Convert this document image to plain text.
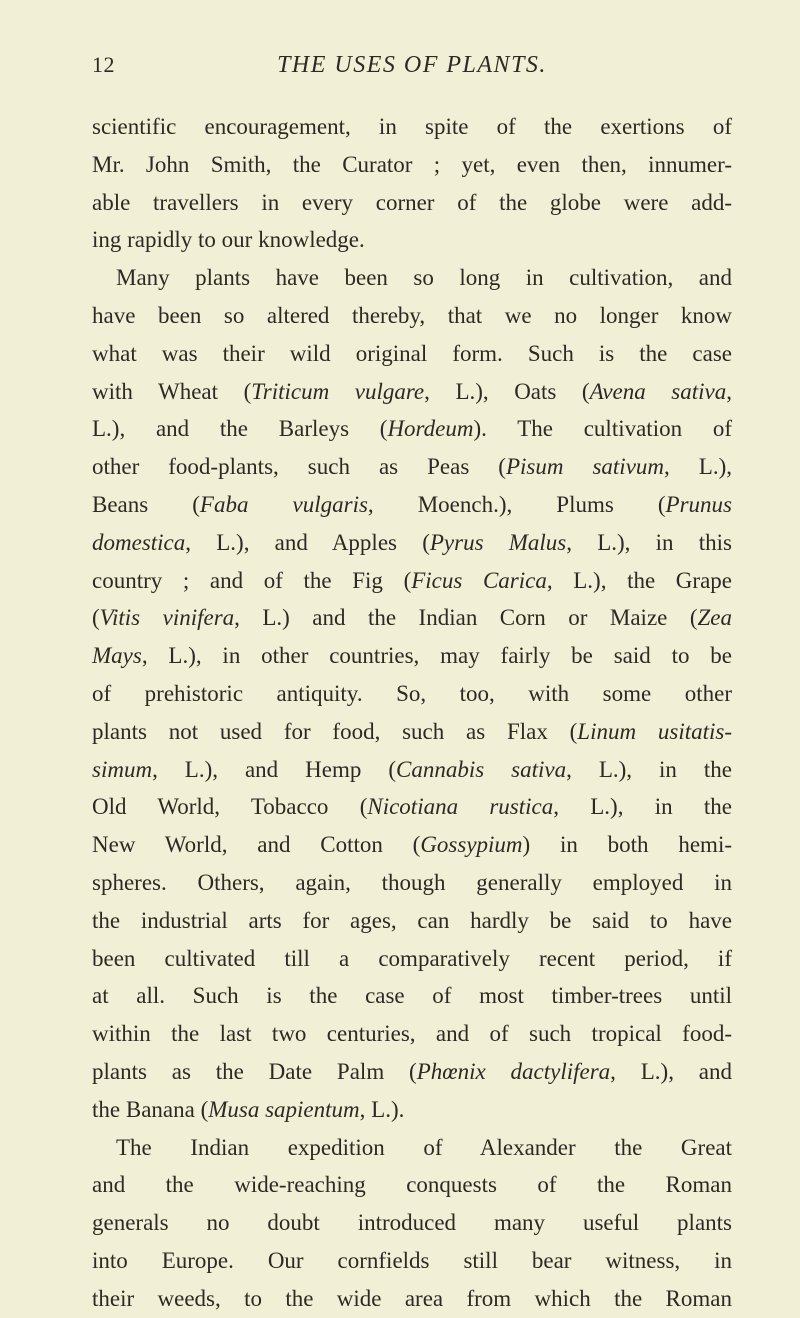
12	THE USES OF PLANTS.
scientific encouragement, in spite of the exertions of
Mr. John Smith, the Curator ; yet, even then, innumer-
able travellers in every corner of the globe were add-
ing rapidly to our knowledge.
Many plants have been so long in cultivation, and
have been so altered thereby, that we no longer know
what was their wild original form. Such is the case
with Wheat (Triticum vulgare, L.), Oats (Avena sativa,
L.), and the Barleys (Hordeum). The cultivation of
other food-plants, such as Peas (Pisum sativum, L.),
Beans (Faba vulgaris, Moench.), Plums (Prunus
domestica, L.), and Apples (Pyrus Malus, L.), in this
country ; and of the Fig (Ficus Carica, L.), the Grape
(Vitis vinifera, L.) and the Indian Corn or Maize (Zea
Mays, L.), in other countries, may fairly be said to be
of prehistoric antiquity. So, too, with some other
plants not used for food, such as Flax (Linum usitatis-
simum, L.), and Hemp (Cannabis sativa, L.), in the
Old World, Tobacco (Nicotiana rustica, L.), in the
New World, and Cotton (Gossypium) in both hemi-
spheres. Others, again, though generally employed in
the industrial arts for ages, can hardly be said to have
been cultivated till a comparatively recent period, if
at all. Such is the case of most timber-trees until
within the last two centuries, and of such tropical food-
plants as the Date Palm (Phœnix dactylifera, L.), and
the Banana (Musa sapientum, L.).
The Indian expedition of Alexander the Great
and the wide-reaching conquests of the Roman
generals no doubt introduced many useful plants
into Europe. Our cornfields still bear witness, in
their weeds, to the wide area from which the Roman
